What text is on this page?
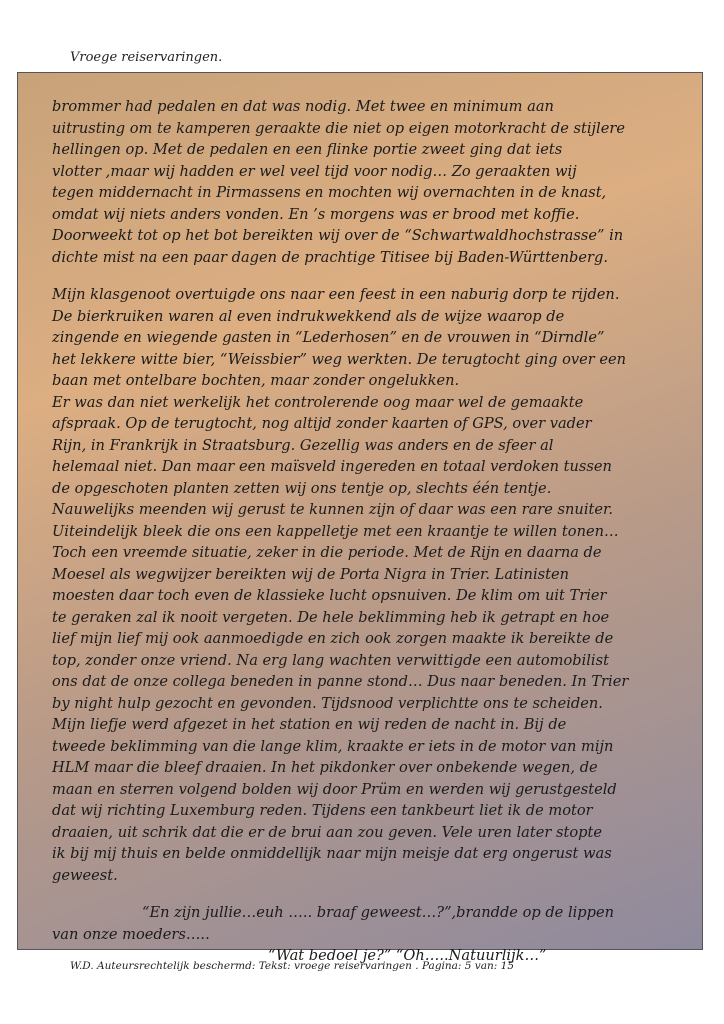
Vroege reiservaringen.

brommer had pedalen en dat was nodig. Met twee en minimum aan
uitrusting om te kamperen geraakte die niet op eigen motorkracht de stijlere
hellingen op. Met de pedalen en een flinke portie zweet ging dat iets
vlotter ,maar wij hadden er wel veel tijd voor nodig… Zo geraakten wij
tegen middernacht in Pirmassens en mochten wij overnachten in de knast,
omdat wij niets anders vonden. En ’s morgens was er brood met koffie.
Doorweekt tot op het bot bereikten wij over de “Schwartwaldhochstrasse” in
dichte mist na een paar dagen de prachtige Titisee bij Baden-Württenberg.

Mijn klasgenoot overtuigde ons naar een feest in een naburig dorp te rijden.
De bierkruiken waren al even indrukwekkend als de wijze waarop de
zingende en wiegende gasten in “Lederhosen” en de vrouwen in “Dirndle”
het lekkere witte bier, “Weissbier” weg werkten. De terugtocht ging over een
baan met ontelbare bochten, maar zonder ongelukken.
Er was dan niet werkelijk het controlerende oog maar wel de gemaakte
afspraak. Op de terugtocht, nog altijd zonder kaarten of GPS, over vader
Rijn, in Frankrijk in Straatsburg. Gezellig was anders en de sfeer al
helemaal niet. Dan maar een maïsveld ingereden en totaal verdoken tussen
de opgeschoten planten zetten wij ons tentje op, slechts één tentje.
Nauwelijks meenden wij gerust te kunnen zijn of daar was een rare snuiter.
Uiteindelijk bleek die ons een kappelletje met een kraantje te willen tonen…
Toch een vreemde situatie, zeker in die periode. Met de Rijn en daarna de
Moesel als wegwijzer bereikten wij de Porta Nigra in Trier. Latinisten
moesten daar toch even de klassieke lucht opsnuiven. De klim om uit Trier
te geraken zal ik nooit vergeten. De hele beklimming heb ik getrapt en hoe
lief mijn lief mij ook aanmoedigde en zich ook zorgen maakte ik bereikte de
top, zonder onze vriend. Na erg lang wachten verwittigde een automobilist
ons dat de onze collega beneden in panne stond… Dus naar beneden. In Trier
by night hulp gezocht en gevonden. Tijdsnood verplichtte ons te scheiden.
Mijn liefje werd afgezet in het station en wij reden de nacht in. Bij de
tweede beklimming van die lange klim, kraakte er iets in de motor van mijn
HLM maar die bleef draaien. In het pikdonker over onbekende wegen, de
maan en sterren volgend bolden wij door Prüm en werden wij gerustgesteld
dat wij richting Luxemburg reden. Tijdens een tankbeurt liet ik de motor
draaien, uit schrik dat die er de brui aan zou geven. Vele uren later stopte
ik bij mij thuis en belde onmiddellijk naar mijn meisje dat erg ongerust was
geweest.

“En zijn jullie…euh ….. braaf geweest…?”,brandde op de lippen

van onze moeders…..

“Wat bedoel je?” “Oh…..Natuurlijk…”

W.D. Auteursrechtelijk beschermd: Tekst: vroege reiservaringen . Pagina: 5 van: 15
